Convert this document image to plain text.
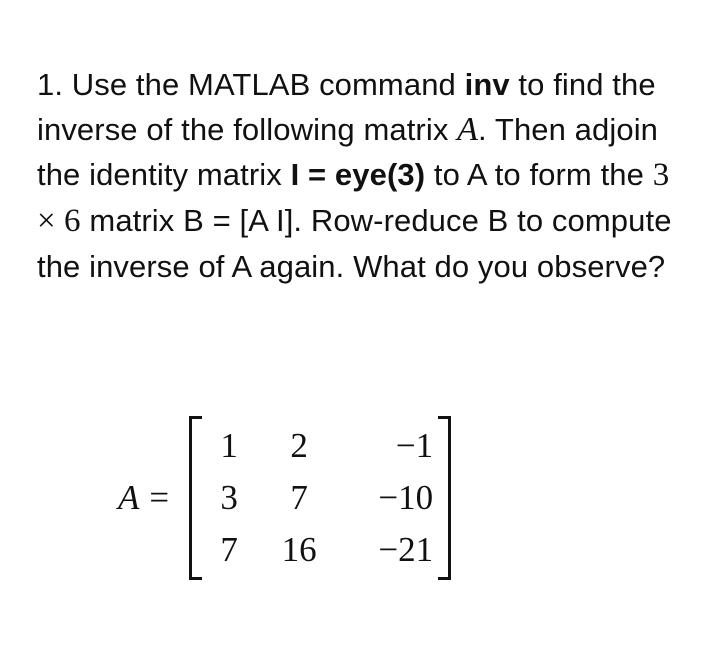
1. Use the MATLAB command inv to find the inverse of the following matrix A. Then adjoin the identity matrix I = eye(3) to A to form the 3 × 6 matrix B = [A I]. Row-reduce B to compute the inverse of A again. What do you observe?
A =
1	2	−1
3	7	−10
7	16	−21
